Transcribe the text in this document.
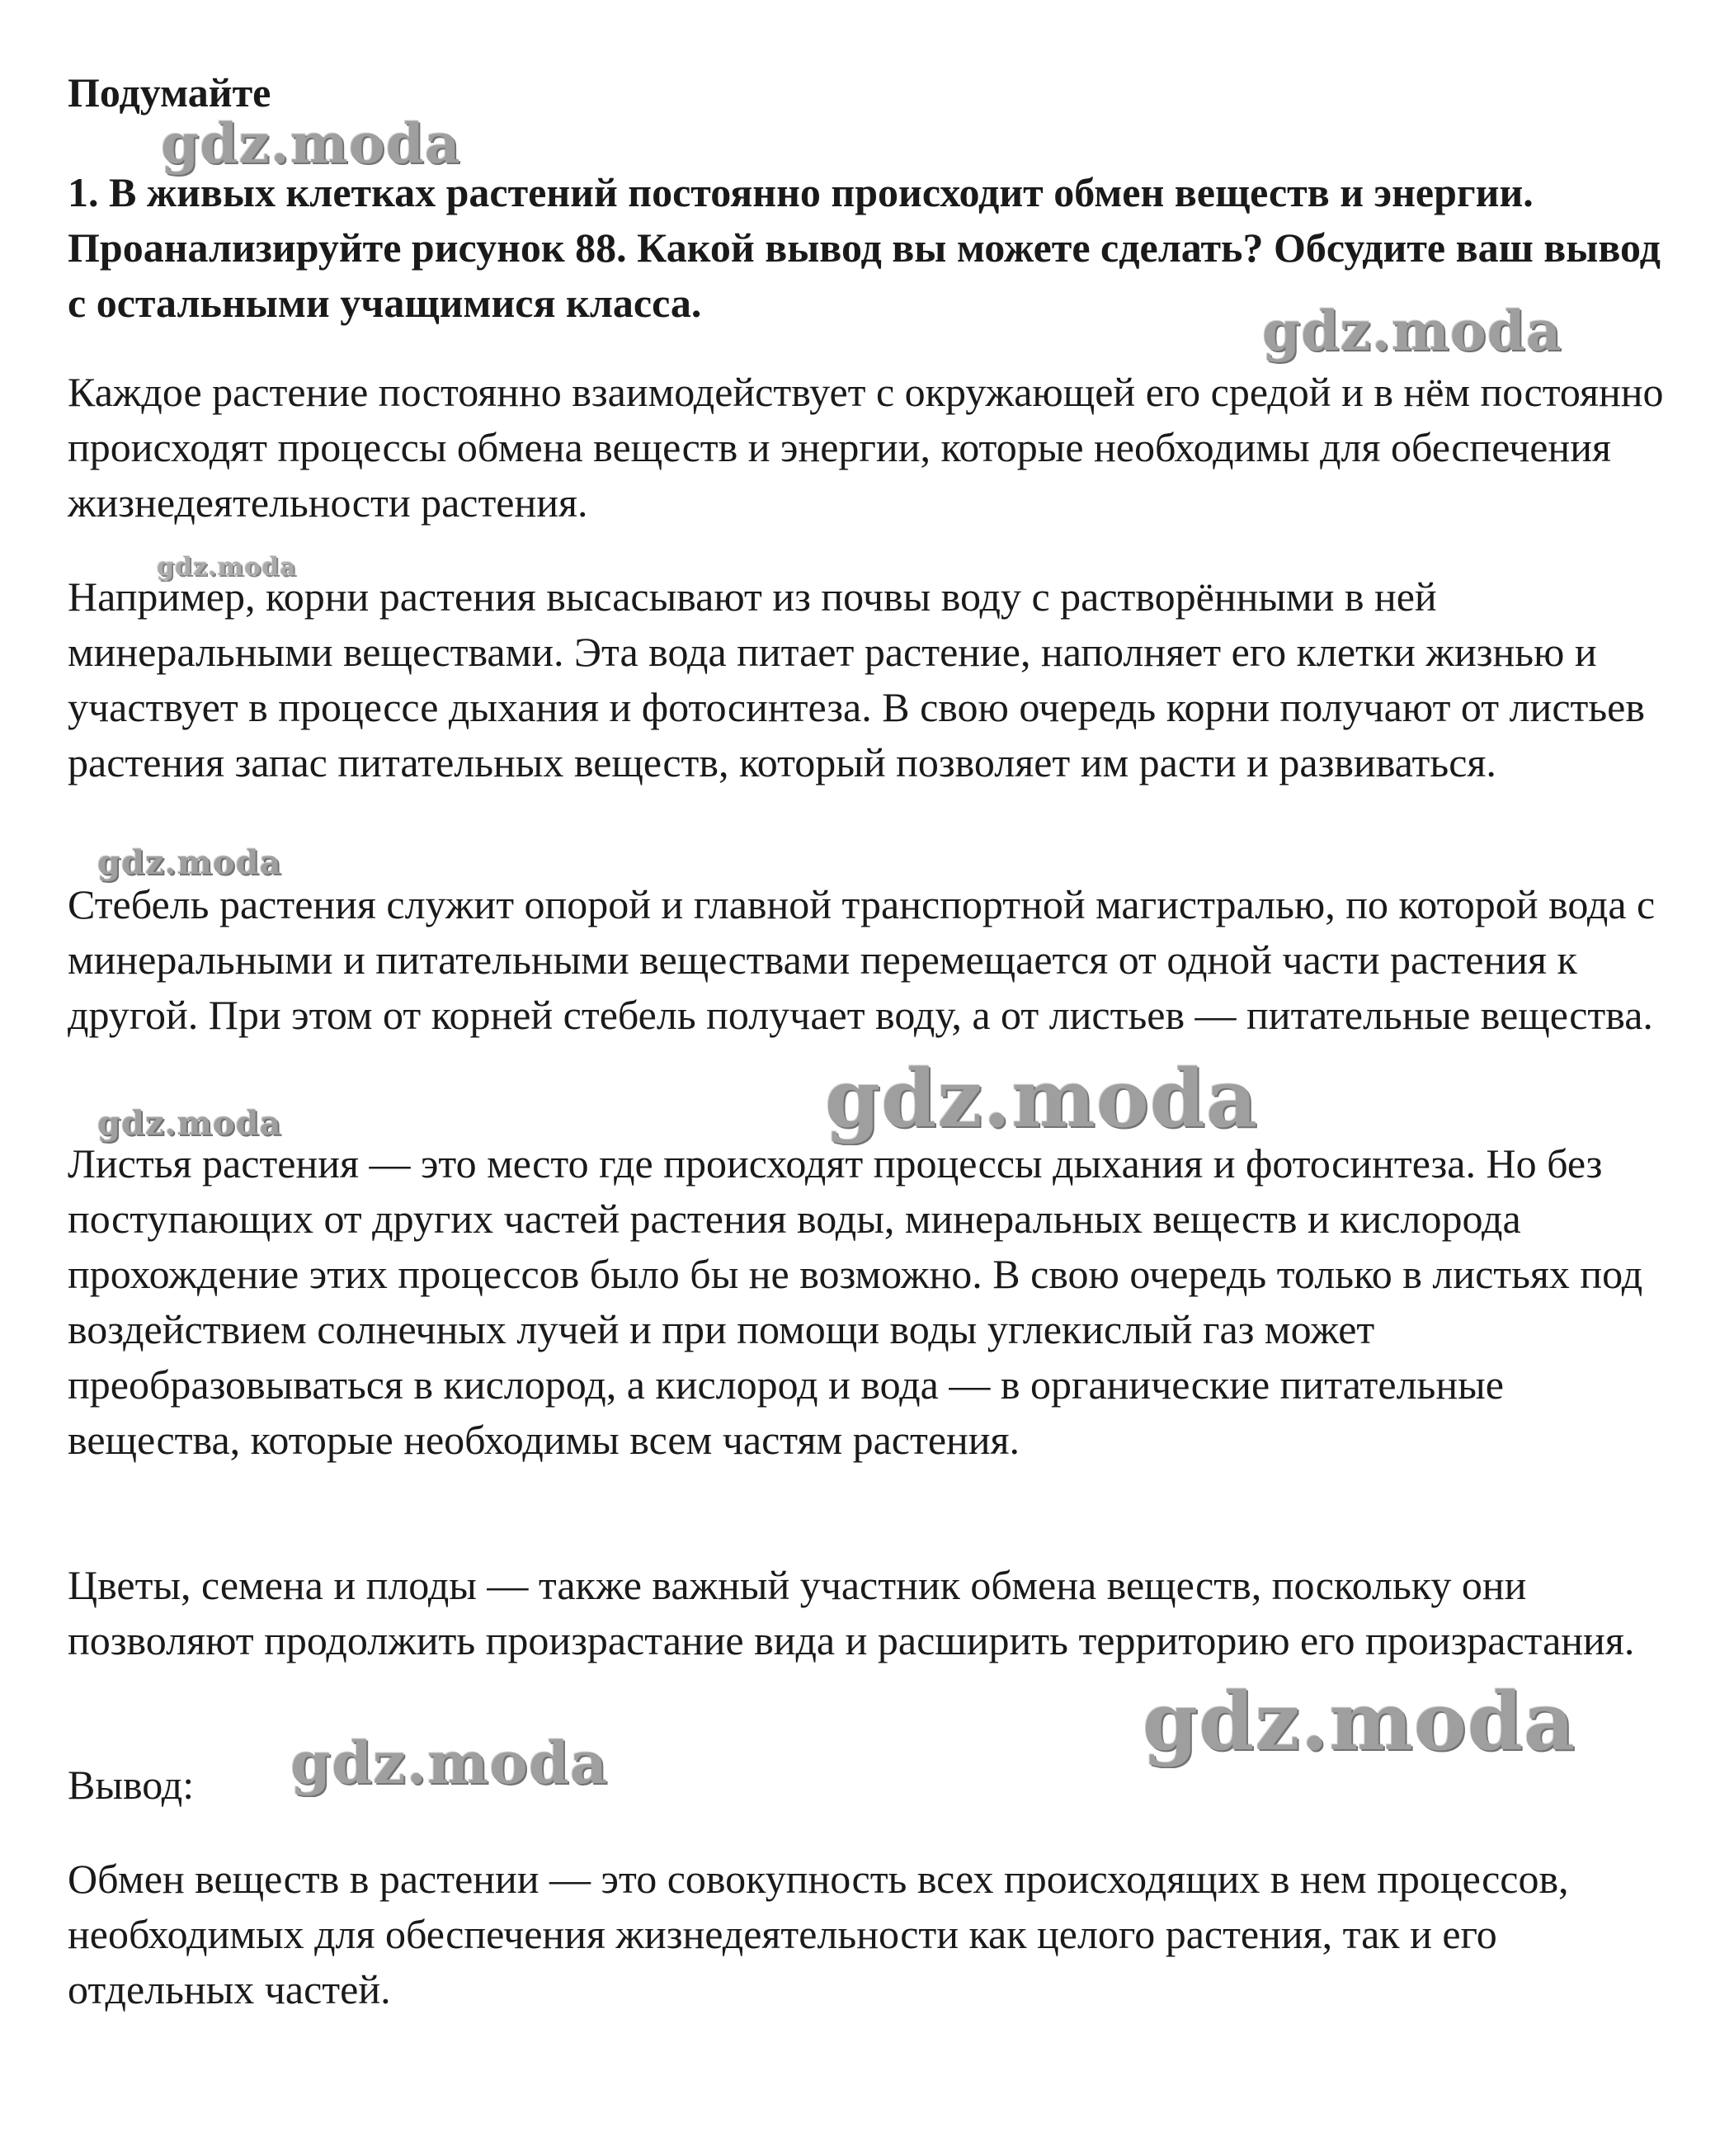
Подумайте

1. В живых клетках растений постоянно происходит обмен веществ и энергии. Проанализируйте рисунок 88. Какой вывод вы можете сделать? Обсудите ваш вывод с остальными учащимися класса.

Каждое растение постоянно взаимодействует с окружающей его средой и в нём постоянно происходят процессы обмена веществ и энергии, которые необходимы для обеспечения жизнедеятельности растения.

Например, корни растения высасывают из почвы воду с растворёнными в ней минеральными веществами. Эта вода питает растение, наполняет его клетки жизнью и участвует в процессе дыхания и фотосинтеза. В свою очередь корни получают от листьев растения запас питательных веществ, который позволяет им расти и развиваться.

Стебель растения служит опорой и главной транспортной магистралью, по которой вода с минеральными и питательными веществами перемещается от одной части растения к другой. При этом от корней стебель получает воду, а от листьев — питательные вещества.

Листья растения — это место где происходят процессы дыхания и фотосинтеза. Но без поступающих от других частей растения воды, минеральных веществ и кислорода прохождение этих процессов было бы не возможно. В свою очередь только в листьях под воздействием солнечных лучей и при помощи воды углекислый газ может преобразовываться в кислород, а кислород и вода — в органические питательные вещества, которые необходимы всем частям растения.

Цветы, семена и плоды — также важный участник обмена веществ, поскольку они позволяют продолжить произрастание вида и расширить территорию его произрастания.

Вывод:

Обмен веществ в растении — это совокупность всех происходящих в нем процессов, необходимых для обеспечения жизнедеятельности как целого растения, так и его отдельных частей.

gdz.moda
gdz.moda
gdz.moda
gdz.moda
gdz.moda
gdz.moda
gdz.moda
gdz.moda
